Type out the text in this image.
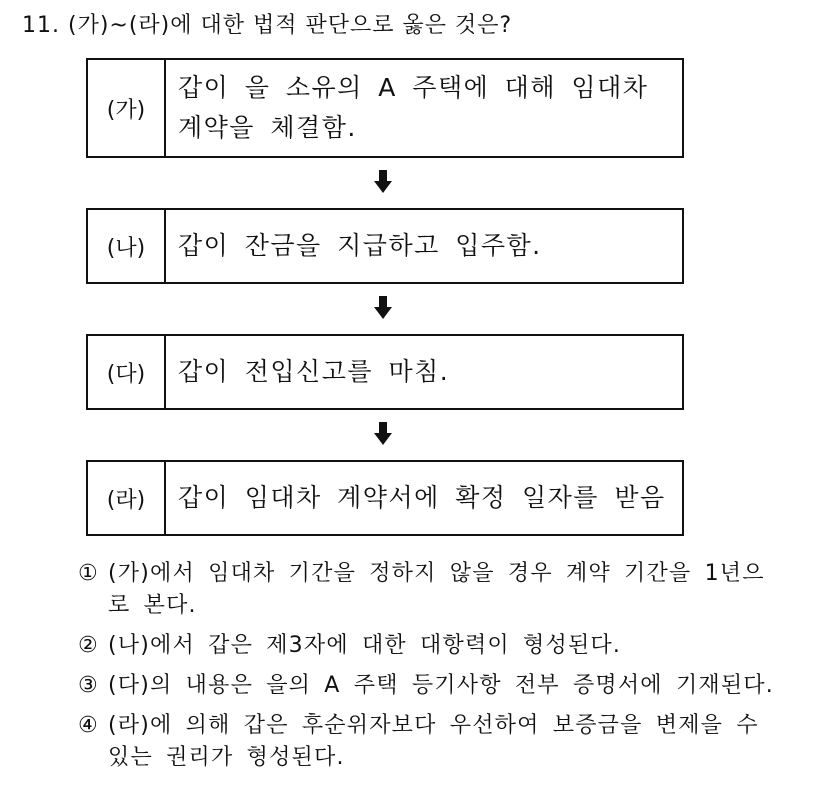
11. (가)~(라)에 대한 법적 판단으로 옳은 것은?
(가)
갑이 을 소유의 A 주택에 대해 임대차 계약을 체결함.
(나)	갑이 잔금을 지급하고 입주함.
(다)	갑이 전입신고를 마침.
(라)	갑이 임대차 계약서에 확정 일자를 받음
① (가)에서 임대차 기간을 정하지 않을 경우 계약 기간을 1년으로 본다.
② (나)에서 갑은 제3자에 대한 대항력이 형성된다.
③ (다)의 내용은 을의 A 주택 등기사항 전부 증명서에 기재된다.
④ (라)에 의해 갑은 후순위자보다 우선하여 보증금을 변제을 수 있는 권리가 형성된다.
